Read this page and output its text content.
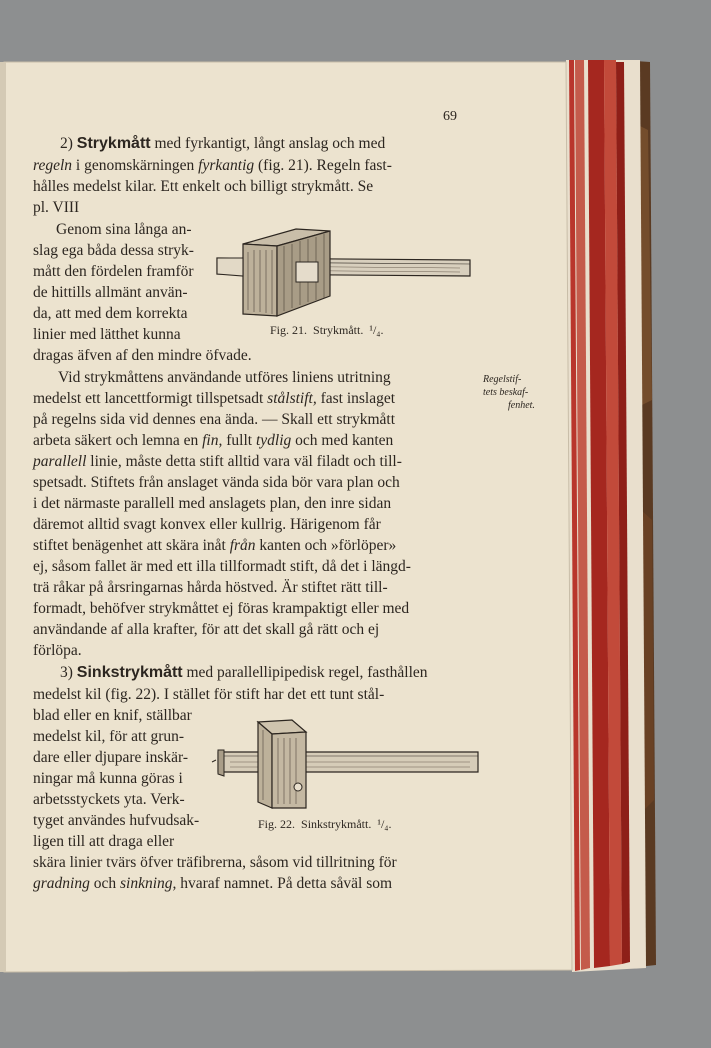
69
2) Strykmått med fyrkantigt, långt anslag och med
regeln i genomskärningen fyrkantig (fig. 21). Regeln fast-
hålles medelst kilar. Ett enkelt och billigt strykmått. Se
pl. VIII
Genom sina långa an-
slag ega båda dessa stryk-
mått den fördelen framför
de hittills allmänt använ-
da, att med dem korrekta
linier med lätthet kunna
dragas äfven af den mindre öfvade.
Fig. 21. Strykmått. ¹/₄.
Vid strykmåttens användande utföres liniens utritning
medelst ett lancettformigt tillspetsadt stålstift, fast inslaget
på regelns sida vid dennes ena ända. — Skall ett strykmått
arbeta säkert och lemna en fin, fullt tydlig och med kanten
parallell linie, måste detta stift alltid vara väl filadt och till-
spetsadt. Stiftets från anslaget vända sida bör vara plan och
i det närmaste parallell med anslagets plan, den inre sidan
däremot alltid svagt konvex eller kullrig. Härigenom får
stiftet benägenhet att skära inåt från kanten och »förlöper»
ej, såsom fallet är med ett illa tillformadt stift, då det i längd-
trä råkar på årsringarnas hårda höstved. Är stiftet rätt till-
formadt, behöfver strykmåttet ej föras krampaktigt eller med
användande af alla krafter, för att det skall gå rätt och ej
förlöpa.
Regelstif-
tets beskaf-
fenhet.
3) Sinkstrykmått med parallellipipedisk regel, fasthållen
medelst kil (fig. 22). I stället för stift har det ett tunt stål-
blad eller en knif, ställbar
medelst kil, för att grun-
dare eller djupare inskär-
ningar må kunna göras i
arbetsstyckets yta. Verk-
tyget användes hufvudsak-
ligen till att draga eller
Fig. 22. Sinkstrykmått. ¹/₄.
skära linier tvärs öfver träfibrerna, såsom vid tillritning för
gradning och sinkning, hvaraf namnet. På detta såväl som
